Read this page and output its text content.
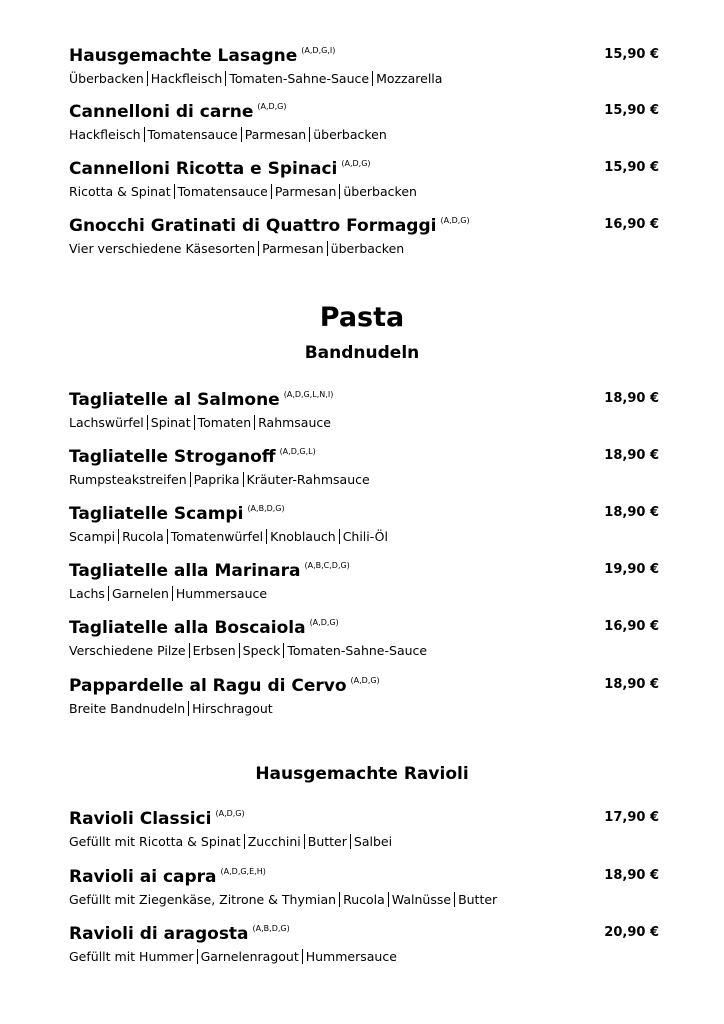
Pasta
Bandnudeln
Hausgemachte Ravioli
Hausgemachte Lasagne $^{(A,D,G,I)}$	15,90 €
Überbacken Hackfleisch Tomaten-Sahne-Sauce Mozzarella
Cannelloni di carne $^{(A,D,G)}$	15,90 €
Hackfleisch Tomatensauce Parmesan überbacken
Cannelloni Ricotta e Spinaci $^{(A,D,G)}$	15,90 €
Ricotta & Spinat Tomatensauce Parmesan überbacken
Gnocchi Gratinati di Quattro Formaggi $^{(A,D,G)}$	16,90 €
Vier verschiedene Käsesorten Parmesan überbacken
Tagliatelle al Salmone $^{(A,D,G,L,N,I)}$	18,90 €
Lachswürfel Spinat Tomaten Rahmsauce
Tagliatelle Stroganoff $^{(A,D,G,L)}$	18,90 €
Rumpsteakstreifen Paprika Kräuter-Rahmsauce
Tagliatelle Scampi $^{(A,B,D,G)}$	18,90 €
Scampi Rucola Tomatenwürfel Knoblauch Chili-Öl
Tagliatelle alla Marinara $^{(A,B,C,D,G)}$	19,90 €
Lachs Garnelen Hummersauce
Tagliatelle alla Boscaiola $^{(A,D,G)}$	16,90 €
Verschiedene Pilze Erbsen Speck Tomaten-Sahne-Sauce
Pappardelle al Ragu di Cervo $^{(A,D,G)}$	18,90 €
Breite Bandnudeln Hirschragout
Ravioli Classici $^{(A,D,G)}$	17,90 €
Gefüllt mit Ricotta & Spinat Zucchini Butter Salbei
Ravioli ai capra $^{(A,D,G,E,H)}$	18,90 €
Gefüllt mit Ziegenkäse, Zitrone & Thymian Rucola Walnüsse Butter
Ravioli di aragosta $^{(A,B,D,G)}$	20,90 €
Gefüllt mit Hummer Garnelenragout Hummersauce
